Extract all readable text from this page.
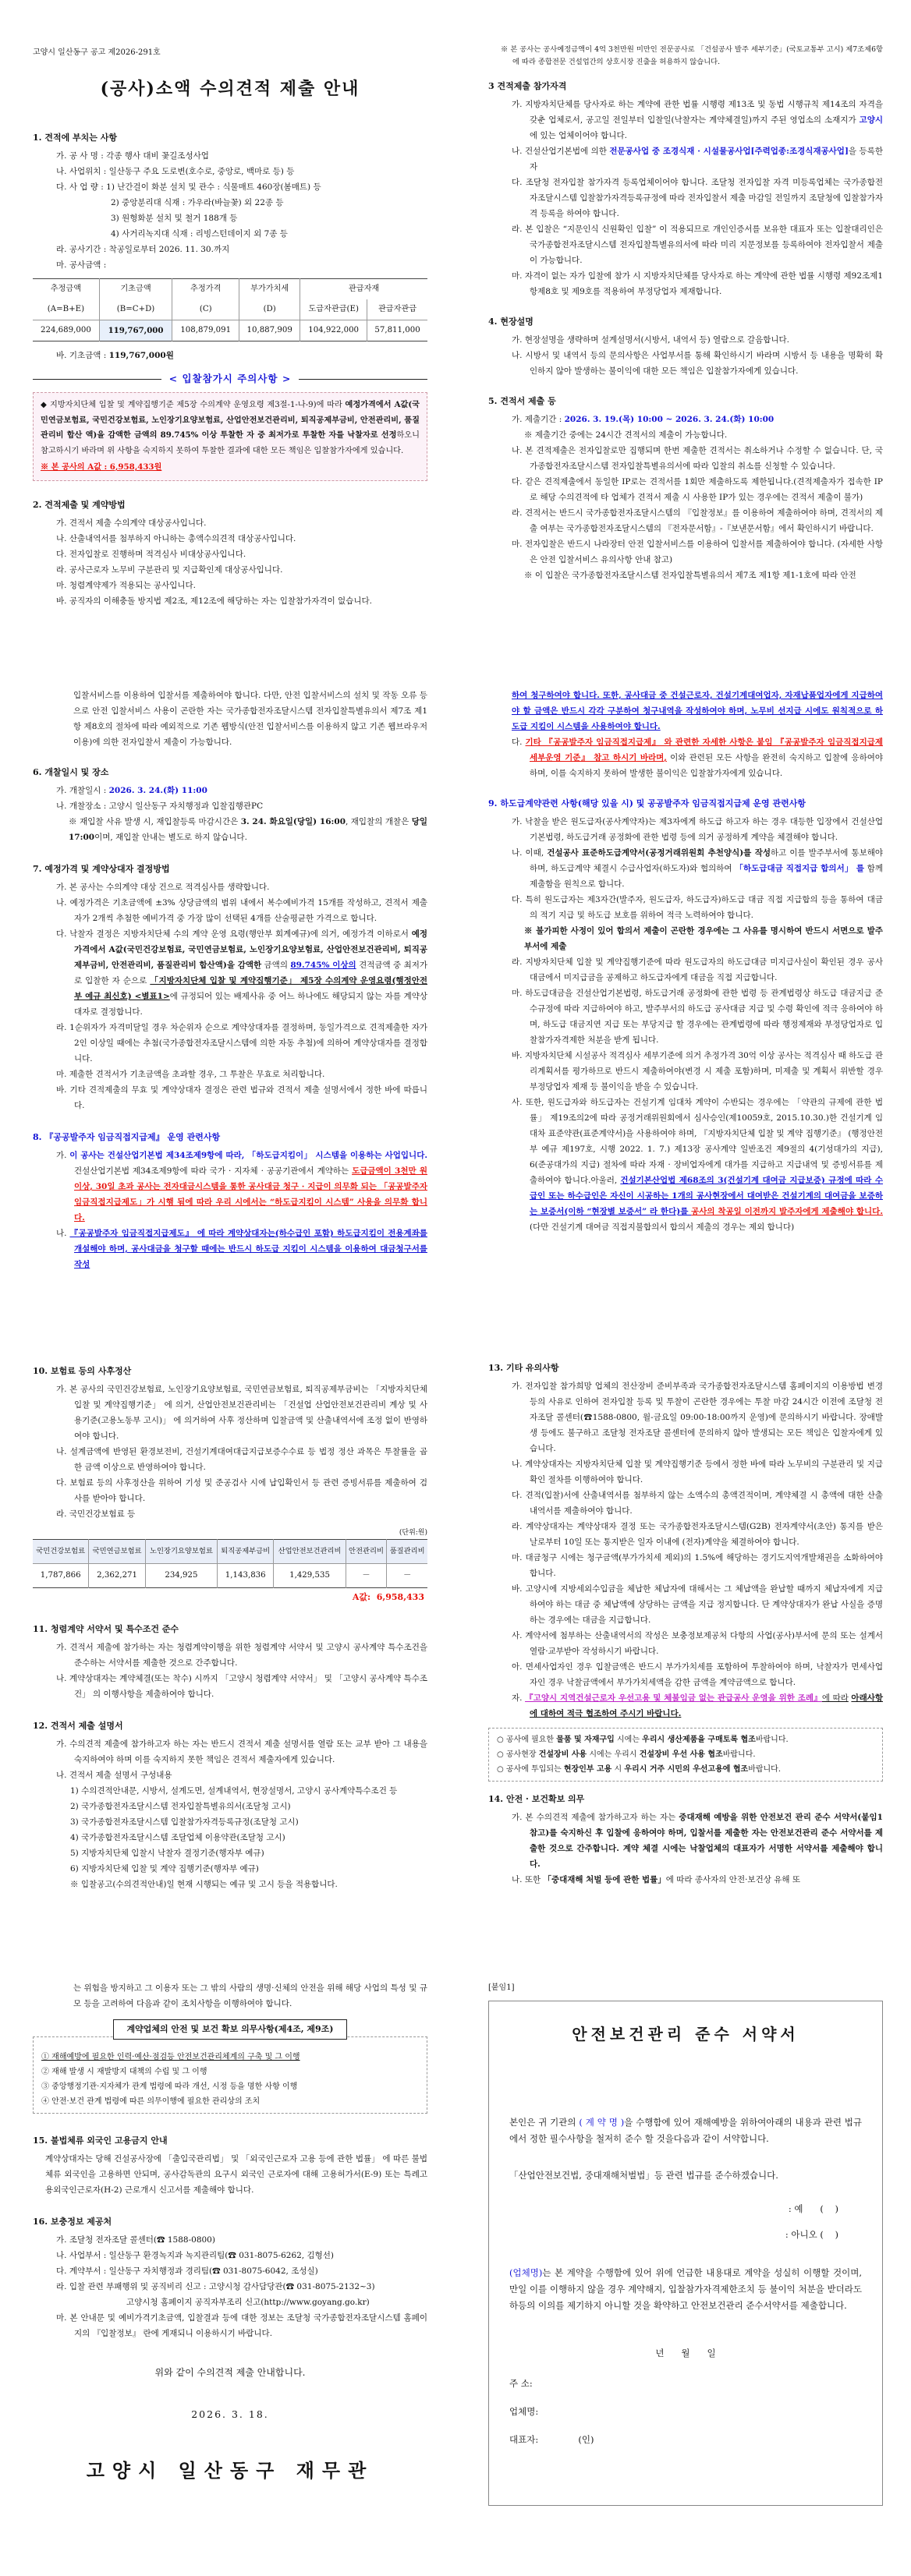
고양시 일산동구 공고 제2026-291호
(공사)소액 수의견적 제출 안내
1. 견적에 부치는 사항
가. 공 사 명 : 각종 행사 대비 꽃길조성사업
나. 사업위치 : 일산동구 주요 도로변(호수로, 중앙로, 백마로 등) 등
다. 사 업 량 : 1) 난간걸이 화분 설치 및 관수 : 식물매트 460장(봄매트) 등
2) 중앙분리대 식재 : 가우라(바늘꽃) 외 22종 등
3) 원형화분 설치 및 철거 188개 등
4) 사거리녹지대 식재 : 리빙스턴데이지 외 7종 등
라. 공사기간 : 착공일로부터 2026. 11. 30.까지
마. 공사금액 :
추정금액	기초금액	추정가격	부가가치세	관급자재	
(A=B+E)	(B=C+D)	(C)	(D)	도급자관급(E)	관급자관급
224,689,000	119,767,000	108,879,091	10,887,909	104,922,000	57,811,000
바. 기초금액 : 119,767,000원
< 입찰참가시 주의사항 >
◆ 지방자치단체 입찰 및 계약집행기준 제5장 수의계약 운영요령 제3절-1-나-9)에 따라 예정가격에서 A값(국민연금보험료, 국민건강보험료, 노인장기요양보험료, 산업안전보건관리비, 퇴직공제부금비, 안전관리비, 품질관리비 합산 액)을 감액한 금액의 89.745% 이상 투찰한 자 중 최저가로 투찰한 자를 낙찰자로 선정하오니 참고하시기 바라며 위 사항을 숙지하지 못하여 투찰한 결과에 대한 모든 책임은 입찰참가자에게 있습니다.
※ 본 공사의 A값 : 6,958,433원
2. 견적제출 및 계약방법
가. 견적서 제출 수의계약 대상공사입니다.
나. 산출내역서를 첨부하지 아니하는 총액수의견적 대상공사입니다.
다. 전자입찰로 진행하며 적격심사 비대상공사입니다.
라. 공사근로자 노무비 구분관리 및 지급확인제 대상공사입니다.
마. 청렴계약제가 적용되는 공사입니다.
바. 공직자의 이해충돌 방지법 제2조, 제12조에 해당하는 자는 입찰참가자격이 없습니다.
※ 본 공사는 공사예정금액이 4억 3천만원 미만인 전문공사로 「건설공사 발주 세부기준」(국토교통부 고시) 제7조제6항에 따라 종합전문 건설업간의 상호시장 진출을 허용하지 않습니다.
3 견적제출 참가자격
가. 지방자치단체를 당사자로 하는 계약에 관한 법률 시행령 제13조 및 동법 시행규칙 제14조의 자격을 갖춘 업체로서, 공고일 전일부터 입찰일(낙찰자는 계약체결일)까지 주된 영업소의 소재지가 고양시에 있는 업체이어야 합니다.
나. 건설산업기본법에 의한 전문공사업 중 조경식재 · 시설물공사업[주력업종:조경식재공사업]을 등록한 자
다. 조달청 전자입찰 참가자격 등록업체이어야 합니다. 조달청 전자입찰 자격 미등록업체는 국가종합전자조달시스템 입찰참가자격등록규정에 따라 전자입찰서 제출 마감일 전일까지 조달청에 입찰참가자격 등록을 하여야 합니다.
라. 본 입찰은 “지문인식 신원확인 입찰” 이 적용되므로 개인인증서를 보유한 대표자 또는 입찰대리인은 국가종합전자조달시스템 전자입찰특별유의서에 따라 미리 지문정보를 등록하여야 전자입찰서 제출이 가능합니다.
마. 자격이 없는 자가 입찰에 참가 시 지방자치단체를 당사자로 하는 계약에 관한 법률 시행령 제92조제1항제8호 및 제9호를 적용하여 부정당업자 제재합니다.
4. 현장설명
가. 현장설명을 생략하며 설계설명서(시방서, 내역서 등) 열람으로 갈음합니다.
나. 시방서 및 내역서 등의 문의사항은 사업부서를 통해 확인하시기 바라며 시방서 등 내용을 명확히 확인하지 않아 발생하는 불이익에 대한 모든 책임은 입찰참가자에게 있습니다.
5. 견적서 제출 등
가. 제출기간 : 2026. 3. 19.(목) 10:00 ~ 2026. 3. 24.(화) 10:00
※ 제출기간 중에는 24시간 견적서의 제출이 가능합니다.
나. 본 견적제출은 전자입찰로만 집행되며 한번 제출한 견적서는 취소하거나 수정할 수 없습니다. 단, 국가종합전자조달시스템 전자입찰특별유의서에 따라 입찰의 취소를 신청할 수 있습니다.
다. 같은 견적제출에서 동일한 IP로는 견적서를 1회만 제출하도록 제한됩니다.(견적제출자가 접속한 IP로 해당 수의견적에 타 업체가 견적서 제출 시 사용한 IP가 있는 경우에는 견적서 제출이 불가)
라. 견적서는 반드시 국가종합전자조달시스템의 『입찰정보』를 이용하여 제출하여야 하며, 견적서의 제출 여부는 국가종합전자조달시스템의 『전자문서함』-『보낸문서함』에서 확인하시기 바랍니다.
마. 전자입찰은 반드시 나라장터 안전 입찰서비스를 이용하여 입찰서를 제출하여야 합니다. (자세한 사항은 안전 입찰서비스 유의사항 안내 참고)
※ 이 입찰은 국가종합전자조달시스템 전자입찰특별유의서 제7조 제1항 제1-1호에 따라 안전
입찰서비스를 이용하여 입찰서를 제출하여야 합니다. 다만, 안전 입찰서비스의 설치 및 작동 오류 등으로 안전 입찰서비스 사용이 곤란한 자는 국가종합전자조달시스템 전자입찰특별유의서 제7조 제1항 제8호의 절차에 따라 예외적으로 기존 웹방식(안전 입찰서비스를 이용하지 않고 기존 웹브라우저 이용)에 의한 전자입찰서 제출이 가능합니다.
6. 개찰일시 및 장소
가. 개찰일시 : 2026. 3. 24.(화) 11:00
나. 개찰장소 : 고양시 일산동구 자치행정과 입찰집행관PC
※ 재입찰 사유 발생 시, 재입찰등록 마감시간은 3. 24. 화요일(당일) 16:00, 재입찰의 개찰은 당일 17:00이며, 재입찰 안내는 별도로 하지 않습니다.
7. 예정가격 및 계약상대자 결정방법
가. 본 공사는 수의계약 대상 건으로 적격심사를 생략합니다.
나. 예정가격은 기초금액에 ±3% 상당금액의 범위 내에서 복수예비가격 15개를 작성하고, 견적서 제출자가 2개씩 추첨한 예비가격 중 가장 많이 선택된 4개를 산술평균한 가격으로 합니다.
다. 낙찰자 결정은 지방자치단체 수의 계약 운영 요령(행안부 회계예규)에 의거, 예정가격 이하로서 예정가격에서 A값(국민건강보험료, 국민연금보험료, 노인장기요양보험료, 산업안전보건관리비, 퇴직공제부금비, 안전관리비, 품질관리비 합산액)을 감액한 금액의 89.745% 이상의 견적금액 중 최저가로 입찰한 자 순으로 「지방자치단체 입찰 및 계약집행기준」 제5장 수의계약 운영요령(행정안전부 예규 최신호) <별표1>에 규정되어 있는 배제사유 중 어느 하나에도 해당되지 않는 자를 계약상대자로 결정합니다.
라. 1순위자가 자격미달일 경우 차순위자 순으로 계약상대자를 결정하며, 동일가격으로 견적제출한 자가 2인 이상일 때에는 추첨(국가종합전자조달시스템에 의한 자동 추첨)에 의하여 계약상대자를 결정합니다.
마. 제출한 견적서가 기초금액을 초과할 경우, 그 투찰은 무효로 처리합니다.
바. 기타 견적제출의 무효 및 계약상대자 결정은 관련 법규와 견적서 제출 설명서에서 정한 바에 따릅니다.
8. 『공공발주자 임금직접지급제』 운영 관련사항
가. 이 공사는 건설산업기본법 제34조제9항에 따라, 「하도급지킴이」 시스템을 이용하는 사업입니다. 건설산업기본법 제34조제9항에 따라 국가 · 지자체 · 공공기관에서 계약하는 도급금액이 3천만 원 이상, 30일 초과 공사는 전자대금시스템을 통한 공사대금 청구 · 지급이 의무화 되는 「공공발주자 임금직접지급제도」가 시행 됨에 따라 우리 시에서는 “하도급지킴이 시스템” 사용을 의무화 합니다.
나. 『공공발주자 임금직접지급제도』 에 따라 계약상대자는(하수급인 포함) 하도급지킴이 전용계좌를 개설해야 하며, 공사대금을 청구할 때에는 반드시 하도급 지킴이 시스템을 이용하여 대금청구서를 작성
하여 청구하여야 합니다. 또한, 공사대금 중 건설근로자, 건설기계대여업자, 자재납품업자에게 지급하여야 할 금액은 반드시 각각 구분하여 청구내역을 작성하여야 하며, 노무비 선지급 시에도 원칙적으로 하도급 지킴이 시스템을 사용하여야 합니다.
다. 기타 『공공발주자 임금직접지급제』 와 관련한 자세한 사항은 붙임 『공공발주자 임금직접지급제 세부운영 기준』 참고 하시기 바라며, 이와 관련된 모든 사항을 완전히 숙지하고 입찰에 응하여야 하며, 이를 숙지하지 못하여 발생한 불이익은 입찰참가자에게 있습니다.
9. 하도급계약관련 사항(해당 있을 시) 및 공공발주자 임금직접지급제 운영 관련사항
가. 낙찰을 받은 원도급자(공사계약자)는 제3자에게 하도급 하고자 하는 경우 대등한 입장에서 건설산업기본법령, 하도급거래 공정화에 관한 법령 등에 의거 공정하게 계약을 체결해야 합니다.
나. 이때, 건설공사 표준하도급계약서(공정거래위원회 추천양식)를 작성하고 이를 발주부서에 통보해야하며, 하도급계약 체결시 수급사업자(하도자)와 협의하여 「하도급대금 직접지급 합의서」 를 함께 제출함을 원칙으로 합니다.
다. 특히 원도급자는 제3자간(발주자, 원도급자, 하도급자)하도급 대금 직접 지급합의 등을 통하여 대금의 적기 지급 및 하도급 보호를 위하여 적극 노력하여야 합니다.
※ 불가피한 사정이 있어 합의서 제출이 곤란한 경우에는 그 사유를 명시하여 반드시 서면으로 발주 부서에 제출
라. 지방자치단체 입찰 및 계약집행기준에 따라 원도급자의 하도급대금 미지급사실이 확인된 경우 공사대금에서 미지급금을 공제하고 하도급자에게 대금을 직접 지급합니다.
마. 하도급대금을 건설산업기본법령, 하도급거래 공정화에 관한 법령 등 관계법령상 하도급 대금지급 준수규정에 따라 지급하여야 하고, 발주부서의 하도급 공사대금 지급 및 수령 확인에 적극 응하여야 하며, 하도급 대금지연 지급 또는 부당지급 할 경우에는 관계법령에 따라 행정제재와 부정당업자로 입찰참가자격제한 처분을 받게 됩니다.
바. 지방자치단체 시설공사 적격심사 세부기준에 의거 추정가격 30억 이상 공사는 적격심사 때 하도급 관리계획서를 평가하므로 반드시 제출하여야(변경 시 제출 포함)하며, 미제출 및 계획서 위반할 경우 부정당업자 제재 등 불이익을 받을 수 있습니다.
사. 또한, 원도급자와 하도급자는 건설기계 임대차 계약이 수반되는 경우에는 「약관의 규제에 관한 법률」 제19조의2에 따라 공정거래위원회에서 심사승인(제10059호, 2015.10.30.)한 건설기계 임대차 표준약관(표준계약서)을 사용하여야 하며, 『지방자치단체 입찰 및 계약 집행기준』 (행정안전부 예규 제197호, 시행 2022. 1. 7.) 제13장 공사계약 일반조건 제9절의 4(기성대가의 지급), 6(준공대가의 지급) 절차에 따라 자재 · 장비업자에게 대가를 지급하고 지급내역 및 증빙서류를 제출하여야 합니다.아울러, 건설기본산업법 제68조의 3(건설기계 대여금 지급보증) 규정에 따라 수급인 또는 하수급인은 자신이 시공하는 1개의 공사현장에서 대여받은 건설기계의 대여금을 보증하는 보증서(이하 “현장별 보증서” 라 한다)를 공사의 착공일 이전까지 발주자에게 제출해야 합니다.(다만 건설기계 대여금 직접지불합의서 합의서 제출의 경우는 제외 합니다)
10. 보험료 등의 사후정산
가. 본 공사의 국민건강보험료, 노인장기요양보험료, 국민연금보험료, 퇴직공제부금비는 「지방자치단체 입찰 및 계약집행기준」 에 의거, 산업안전보건관리비는 「건설업 산업안전보건관리비 계상 및 사용기준(고용노동부 고시)」 에 의거하여 사후 정산하며 입찰금액 및 산출내역서에 조정 없이 반영하여야 합니다.
나. 설계금액에 반영된 환경보전비, 건설기계대여대급지급보증수수료 등 법정 정산 과목은 투찰률을 곱한 금액 이상으로 반영하여야 합니다.
다. 보험료 등의 사후정산을 위하여 기성 및 준공검사 시에 납입확인서 등 관련 증빙서류를 제출하여 검사를 받아야 합니다.
라. 국민건강보험료 등
(단위:원)
국민건강보험료	국민연금보험료	노인장기요양보험료	퇴직공제부금비	산업안전보건관리비	안전관리비	품질관리비
1,787,866	2,362,271	234,925	1,143,836	1,429,535	－	－
A값:  6,958,433
11. 청렴계약 서약서 및 특수조건 준수
가. 견적서 제출에 참가하는 자는 청렴계약이행을 위한 청렴계약 서약서 및 고양시 공사계약 특수조건을 준수하는 서약서를 제출한 것으로 간주합니다.
나. 계약상대자는 계약체결(또는 착수) 시까지 「고양시 청렴계약 서약서」 및 「고양시 공사계약 특수조건」 의 이행사항을 제출하여야 합니다.
12. 견적서 제출 설명서
가. 수의견적 제출에 참가하고자 하는 자는 반드시 견적서 제출 설명서를 열람 또는 교부 받아 그 내용을 숙지하여야 하며 이를 숙지하지 못한 책임은 견적서 제출자에게 있습니다.
나. 견적서 제출 설명서 구성내용
1) 수의견적안내문, 시방서, 설계도면, 설계내역서, 현장설명서, 고양시 공사계약특수조건 등
2) 국가종합전자조달시스템 전자입찰특별유의서(조달청 고시)
3) 국가종합전자조달시스템 입찰참가자격등록규정(조달청 고시)
4) 국가종합전자조달시스템 조달업체 이용약관(조달청 고시)
5) 지방자치단체 입찰시 낙찰자 결정기준(행자부 예규)
6) 지방자치단체 입찰 및 계약 집행기준(행자부 예규)
※ 입찰공고(수의견적안내)일 현재 시행되는 예규 및 고시 등을 적용합니다.
13. 기타 유의사항
가. 전자입찰 참가희망 업체의 전산장비 준비부족과 국가종합전자조달시스템 홈페이지의 이용방법 변경 등의 사유로 인하여 전자입찰 등록 및 투찰이 곤란한 경우에는 투찰 마감 24시간 이전에 조달청 전자조달 콜센터(☎1588-0800, 월-금요일 09:00-18:00까지 운영)에 문의하시기 바랍니다. 장애발생 등에도 불구하고 조달청 전자조달 콜센터에 문의하지 않아 발생되는 모든 책임은 입찰자에게 있습니다.
나. 계약상대자는 지방자치단체 입찰 및 계약집행기준 등에서 정한 바에 따라 노무비의 구분관리 및 지급확인 절차를 이행하여야 합니다.
다. 견적(입찰)서에 산출내역서를 첨부하지 않는 소액수의 총액견적이며, 계약체결 시 총액에 대한 산출내역서를 제출하여야 합니다.
라. 계약상대자는 계약상대자 결정 또는 국가종합전자조달시스템(G2B) 전자계약서(초안) 통지를 받은 날로부터 10일 또는 통지받은 일자 이내에 (전자)계약을 체결하여야 합니다.
마. 대금청구 시에는 청구금액(부가가치세 제외)의 1.5%에 해당하는 경기도지역개발채권을 소화하여야 합니다.
바. 고양시에 지방세외수입금을 체납한 체납자에 대해서는 그 체납액을 완납할 때까지 체납자에게 지급하여야 하는 대금 중 체납액에 상당하는 금액을 지급 정지합니다. 단 계약상대자가 완납 사실을 증명하는 경우에는 대금을 지급합니다.
사. 계약서에 첨부하는 산출내역서의 작성은 보충정보제공처 다항의 사업(공사)부서에 문의 또는 설계서 열람·교부받아 작성하시기 바랍니다.
아. 면세사업자인 경우 입찰금액은 반드시 부가가치세를 포함하여 투찰하여야 하며, 낙찰자가 면세사업자인 경우 낙찰금액에서 부가가치세액을 감한 금액을 계약금액으로 합니다.
자. 『고양시 지역건설근로자 우선고용 및 체불임금 없는 관급공사 운영을 위한 조례』에 따라 아래사항에 대하여 적극 협조하여 주시기 바랍니다.
○ 공사에 필요한 물품 및 자재구입 시에는 우리시 생산제품을 구매토록 협조바랍니다.
○ 공사현장 건설장비 사용 시에는 우리시 건설장비 우선 사용 협조바랍니다.
○ 공사에 투입되는 현장인부 고용 시 우리시 거주 시민의 우선고용에 협조바랍니다.
14. 안전 · 보건확보 의무
가. 본 수의견적 제출에 참가하고자 하는 자는 중대재해 예방을 위한 안전보건 관리 준수 서약서(붙임1 참고)를 숙지하신 후 입찰에 응하여야 하며, 입찰서를 제출한 자는 안전보건관리 준수 서약서를 제출한 것으로 간주합니다. 계약 체결 시에는 낙찰업체의 대표자가 서명한 서약서를 제출해야 합니다.
나. 또한 「중대재해 처벌 등에 관한 법률」에 따라 종사자의 안전·보건상 유해 또
는 위험을 방지하고 그 이용자 또는 그 밖의 사람의 생명·신체의 안전을 위해 해당 사업의 특성 및 규모 등을 고려하여 다음과 같이 조치사항을 이행하여야 합니다.
계약업체의 안전 및 보건 확보 의무사항(제4조, 제9조)
① 재해예방에 필요한 인력·예산·점검등 안전보건관리체계의 구축 및 그 이행
② 재해 발생 시 재발방지 대책의 수립 및 그 이행
③ 중앙행정기관·지자체가 관계 법령에 따라 개선, 시정 등을 명한 사항 이행
④ 안전·보건 관계 법령에 따른 의무이행에 필요한 관리상의 조치
15. 불법체류 외국인 고용금지 안내
계약상대자는 당해 건설공사장에 「출입국관리법」 및 「외국인근로자 고용 등에 관한 법률」 에 따른 불법체류 외국인을 고용하면 안되며, 공사감독관의 요구시 외국인 근로자에 대해 고용허가서(E-9) 또는 특례고용외국인근로자(H-2) 근로개시 신고서를 제출해야 합니다.
16. 보충정보 제공처
가. 조달청 전자조달 콜센터(☎ 1588-0800)
나. 사업부서 : 일산동구 환경녹지과 녹지관리팀(☎ 031-8075-6262, 김형선)
다. 계약부서 : 일산동구 자치행정과 경리팀(☎ 031-8075-6042, 조성실)
라. 입찰 관련 부패행위 및 공직비리 신고 : 고양시청 감사담당관(☎ 031-8075-2132~3)
고양시청 홈페이지 공직자부조리 신고(http://www.goyang.go.kr)
마. 본 안내문 및 예비가격기초금액, 입찰결과 등에 대한 정보는 조달청 국가종합전자조달시스템 홈페이지의 『입찰정보』 란에 게재되니 이용하시기 바랍니다.
위와 같이 수의견적 제출 안내합니다.
2026. 3. 18.
고양시 일산동구 재무관
[붙임1]
안전보건관리 준수 서약서
본인은 귀 기관의 ( 계 약 명 )을 수행함에 있어 재해예방을 위하여아래의 내용과 관련 법규에서 정한 필수사항을 철저히 준수 할 것을다음과 같이 서약합니다.
「산업안전보건법, 중대재해처벌법」등 관련 법규를 준수하겠습니다.
: 예      (    )
: 아니오 (    )
(업체명)는 본 계약을 수행함에 있어 위에 언급한 내용대로 계약을 성실히 이행할 것이며, 만일 이를 이행하지 않을 경우 계약해지, 입찰참가자격제한조치 등 불이익 처분을 받더라도 하등의 이의를 제기하지 아니할 것을 확약하고 안전보건관리 준수서약서를 제출합니다.
년      월      일
주 소:
업체명:
대표자:              (인)
